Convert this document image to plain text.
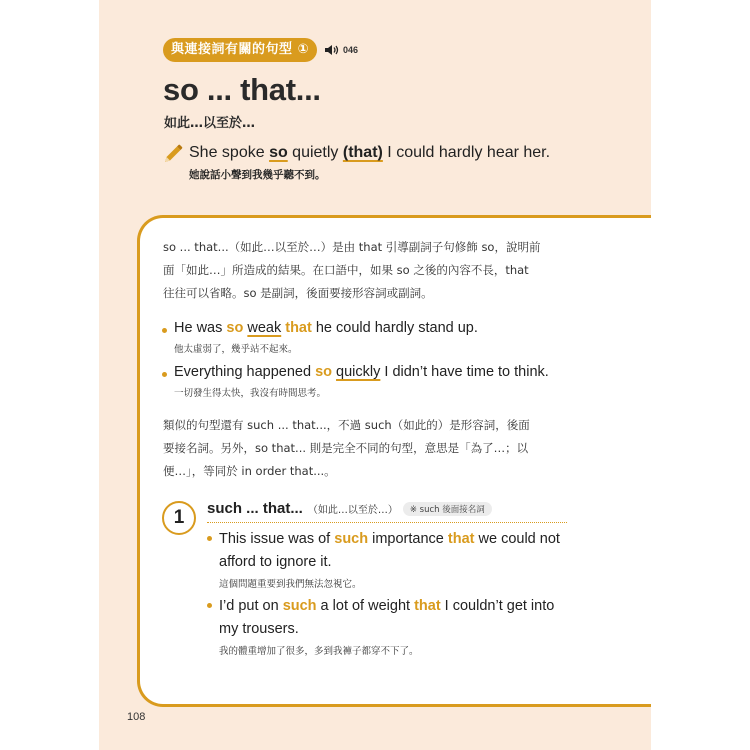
與連接詞有關的句型 ①	046
so ... that...
如此…以至於…
She spoke so quietly (that) I could hardly hear her.
她說話小聲到我幾乎聽不到。
so ... that...（如此…以至於…）是由 that 引導副詞子句修飾 so，說明前
面「如此…」所造成的結果。在口語中，如果 so 之後的內容不長，that
往往可以省略。so 是副詞，後面要接形容詞或副詞。
He was so weak that he could hardly stand up.
他太虛弱了，幾乎站不起來。
Everything happened so quickly I didn’t have time to think.
一切發生得太快，我沒有時間思考。
類似的句型還有 such ... that...，不過 such（如此的）是形容詞，後面
要接名詞。另外，so that... 則是完全不同的句型，意思是「為了…；以
便…」，等同於 in order that...。
1	such ... that... （如此…以至於…）	※ such 後面接名詞
This issue was of such importance that we could not afford to ignore it.
這個問題重要到我們無法忽視它。
I’d put on such a lot of weight that I couldn’t get into my trousers.
我的體重增加了很多，多到我褲子都穿不下了。
108
